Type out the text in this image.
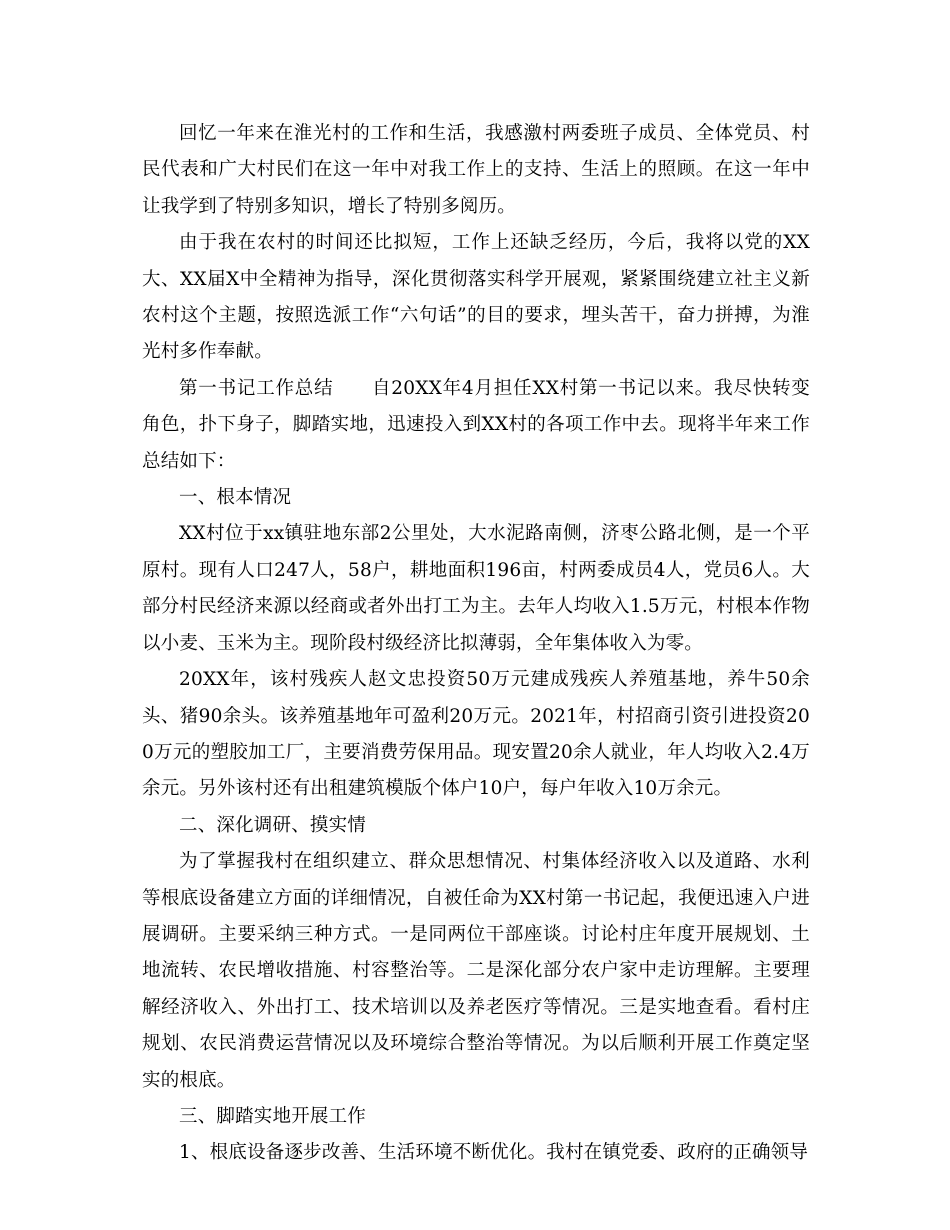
回忆一年来在淮光村的工作和生活，我感激村两委班子成员、全体党员、村民代表和广大村民们在这一年中对我工作上的支持、生活上的照顾。在这一年中让我学到了特别多知识，增长了特别多阅历。

由于我在农村的时间还比拟短，工作上还缺乏经历，今后，我将以党的XX大、XX届X中全精神为指导，深化贯彻落实科学开展观，紧紧围绕建立社主义新农村这个主题，按照选派工作“六句话”的目的要求，埋头苦干，奋力拼搏，为淮光村多作奉献。

第一书记工作总结　　自20XX年4月担任XX村第一书记以来。我尽快转变角色，扑下身子，脚踏实地，迅速投入到XX村的各项工作中去。现将半年来工作总结如下：

一、根本情况

XX村位于xx镇驻地东部2公里处，大水泥路南侧，济枣公路北侧，是一个平原村。现有人口247人，58户，耕地面积196亩，村两委成员4人，党员6人。大部分村民经济来源以经商或者外出打工为主。去年人均收入1.5万元，村根本作物以小麦、玉米为主。现阶段村级经济比拟薄弱，全年集体收入为零。

20XX年，该村残疾人赵文忠投资50万元建成残疾人养殖基地，养牛50余头、猪90余头。该养殖基地年可盈利20万元。2021年，村招商引资引进投资200万元的塑胶加工厂，主要消费劳保用品。现安置20余人就业，年人均收入2.4万余元。另外该村还有出租建筑模版个体户10户，每户年收入10万余元。

二、深化调研、摸实情

为了掌握我村在组织建立、群众思想情况、村集体经济收入以及道路、水利等根底设备建立方面的详细情况，自被任命为XX村第一书记起，我便迅速入户进展调研。主要采纳三种方式。一是同两位干部座谈。讨论村庄年度开展规划、土地流转、农民增收措施、村容整治等。二是深化部分农户家中走访理解。主要理解经济收入、外出打工、技术培训以及养老医疗等情况。三是实地查看。看村庄规划、农民消费运营情况以及环境综合整治等情况。为以后顺利开展工作奠定坚实的根底。

三、脚踏实地开展工作

1、根底设备逐步改善、生活环境不断优化。我村在镇党委、政府的正确领导
